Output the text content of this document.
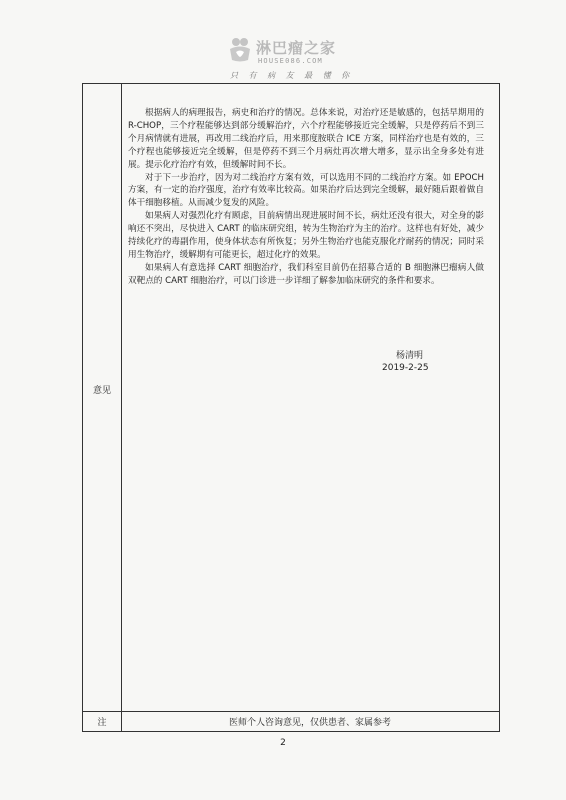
淋巴瘤之家
HOUSE086.COM
只 有 病 友 最 懂 你
意见
注	医师个人咨询意见，仅供患者、家属参考

根据病人的病理报告，病史和治疗的情况。总体来说，对治疗还是敏感的，包括早期用的 R-CHOP，三个疗程能够达到部分缓解治疗，六个疗程能够接近完全缓解，只是停药后不到三个月病情就有进展，再改用二线治疗后，用来那度胺联合 ICE 方案，同样治疗也是有效的，三个疗程也能够接近完全缓解，但是停药不到三个月病灶再次增大增多，显示出全身多处有进展。提示化疗治疗有效，但缓解时间不长。

对于下一步治疗，因为对二线治疗方案有效，可以选用不同的二线治疗方案。如 EPOCH 方案，有一定的治疗强度，治疗有效率比较高。如果治疗后达到完全缓解，最好随后跟着做自体干细胞移植。从而减少复发的风险。

如果病人对强烈化疗有顾虑，目前病情出现进展时间不长，病灶还没有很大，对全身的影响还不突出，尽快进入 CART 的临床研究组，转为生物治疗为主的治疗。这样也有好处，减少持续化疗的毒副作用，使身体状态有所恢复；另外生物治疗也能克服化疗耐药的情况；同时采用生物治疗，缓解期有可能更长，超过化疗的效果。

如果病人有意选择 CART 细胞治疗，我们科室目前仍在招募合适的 B 细胞淋巴瘤病人做双靶点的 CART 细胞治疗，可以门诊进一步详细了解参加临床研究的条件和要求。

杨清明
2019-2-25
2
